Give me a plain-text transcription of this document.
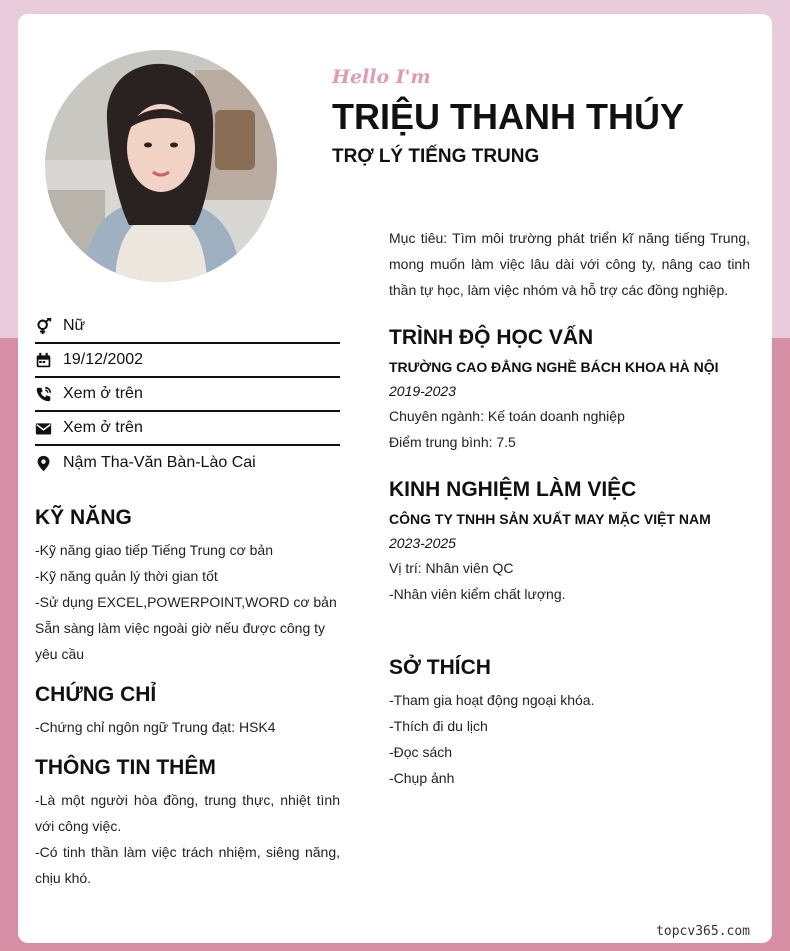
Hello I'm
TRIỆU THANH THÚY
TRỢ LÝ TIẾNG TRUNG
Mục tiêu: Tìm môi trường phát triển kĩ năng tiếng Trung, mong muốn làm việc lâu dài với công ty, nâng cao tinh thần tự học, làm việc nhóm và hỗ trợ các đồng nghiệp.
Nữ
19/12/2002
Xem ở trên
Xem ở trên
Nậm Tha-Văn Bàn-Lào Cai
KỸ NĂNG

-Kỹ năng giao tiếp Tiếng Trung cơ bản

-Kỹ năng quản lý thời gian tốt

-Sử dụng EXCEL,POWERPOINT,WORD cơ bản

Sẵn sàng làm việc ngoài giờ nếu được công ty yêu cầu

CHỨNG CHỈ

-Chứng chỉ ngôn ngữ Trung đạt: HSK4

THÔNG TIN THÊM

-Là một người hòa đồng, trung thực, nhiệt tình với công việc.

-Có tinh thần làm việc trách nhiệm, siêng năng, chịu khó.

TRÌNH ĐỘ HỌC VẤN
TRƯỜNG CAO ĐẲNG NGHỀ BÁCH KHOA HÀ NỘI
2019-2023
Chuyên ngành: Kế toán doanh nghiệp
Điểm trung bình: 7.5
KINH NGHIỆM LÀM VIỆC
CÔNG TY TNHH SẢN XUẤT MAY MẶC VIỆT NAM
2023-2025
Vị trí: Nhân viên QC
-Nhân viên kiểm chất lượng.
SỞ THÍCH

-Tham gia hoạt động ngoại khóa.

-Thích đi du lịch

-Đọc sách

-Chụp ảnh

topcv365.com
